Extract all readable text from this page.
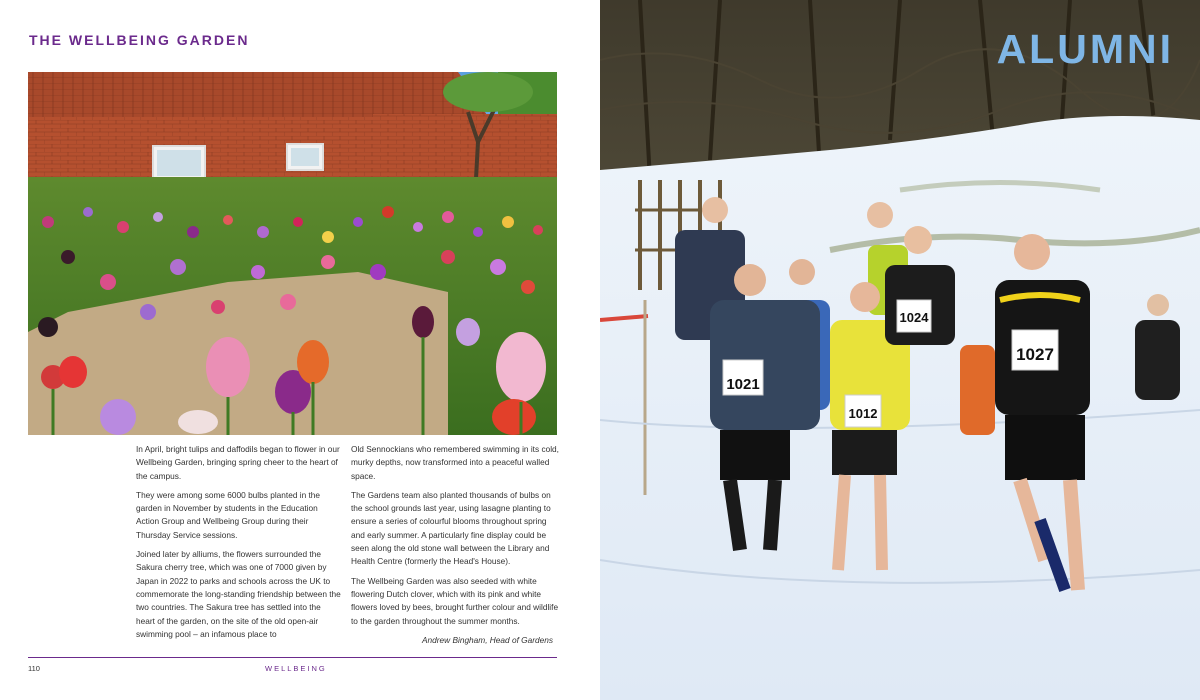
THE WELLBEING GARDEN

In April, bright tulips and daffodils began to flower in our Wellbeing Garden, bringing spring cheer to the heart of the campus.

They were among some 6000 bulbs planted in the garden in November by students in the Education Action Group and Wellbeing Group during their Thursday Service sessions.

Joined later by alliums, the flowers surrounded the Sakura cherry tree, which was one of 7000 given by Japan in 2022 to parks and schools across the UK to commemorate the long-standing friendship between the two countries. The Sakura tree has settled into the heart of the garden, on the site of the old open-air swimming pool – an infamous place to

Old Sennockians who remembered swimming in its cold, murky depths, now transformed into a peaceful walled space.

The Gardens team also planted thousands of bulbs on the school grounds last year, using lasagne planting to ensure a series of colourful blooms throughout spring and early summer. A particularly fine display could be seen along the old stone wall between the Library and Health Centre (formerly the Head's House).

The Wellbeing Garden was also seeded with white flowering Dutch clover, which with its pink and white flowers loved by bees, brought further colour and wildlife to the garden throughout the summer months.

Andrew Bingham, Head of Gardens

110	WELLBEING
1021
1012
1024
1027
ALUMNI
